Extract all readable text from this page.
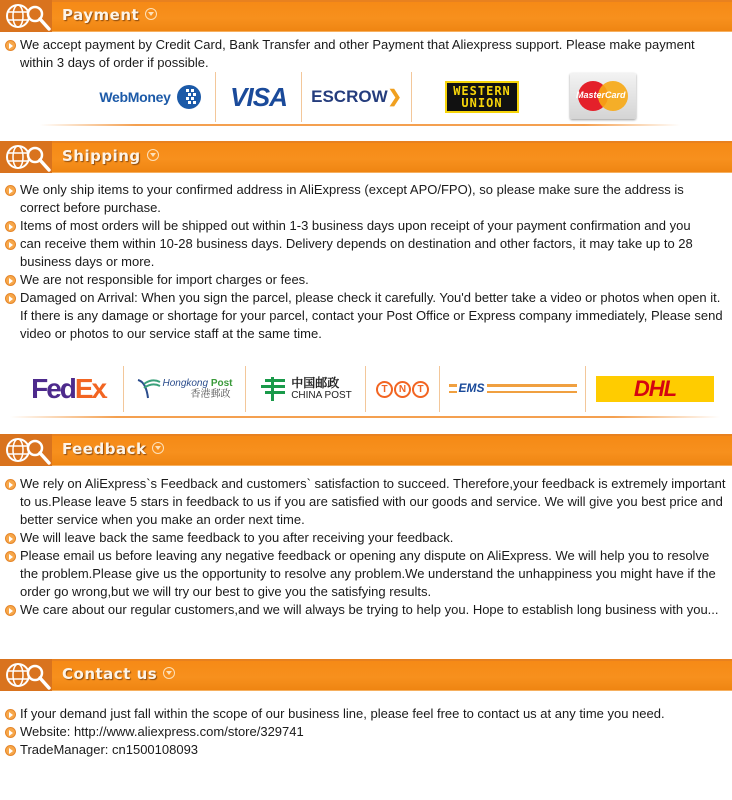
Payment
We accept payment by Credit Card, Bank Transfer and other Payment that Aliexpress support. Please make payment within 3 days of order if possible.
WebMoney VISA ESCROW ❯	WESTERN
UNION
MasterCard
Shipping
We only ship items to your confirmed address in AliExpress (except APO/FPO), so please make sure the address is correct before purchase.
Items of most orders will be shipped out within 1-3 business days upon receipt of your payment confirmation and you
can receive them within 10-28 business days. Delivery depends on destination and other factors, it may take up to 28 business days or more.
We are not responsible for import charges or fees.
Damaged on Arrival: When you sign the parcel, please check it carefully. You'd better take a video or photos when open it. If there is any damage or shortage for your parcel, contact your Post Office or Express company immediately, Please send video or photos to our service staff at the same time.
FedEx.
Hongkong Post
香港郵政
中国邮政
CHINA POST
T	N	T	EMS	DHL
Feedback
We rely on AliExpress`s Feedback and customers` satisfaction to succeed. Therefore,your feedback is extremely important to us.Please leave 5 stars in feedback to us if you are satisfied with our goods and service. We will give you best price and better service when you make an order next time.
We will leave back the same feedback to you after receiving your feedback.
Please email us before leaving any negative feedback or opening any dispute on AliExpress. We will help you to resolve the problem.Please give us the opportunity to resolve any problem.We understand the unhappiness you might have if the order go wrong,but we will try our best to give you the satisfying results.
We care about our regular customers,and we will always be trying to help you. Hope to establish long business with you...
Contact us
If your demand just fall within the scope of our business line, please feel free to contact us at any time you need.
Website: http://www.aliexpress.com/store/329741
TradeManager: cn1500108093
